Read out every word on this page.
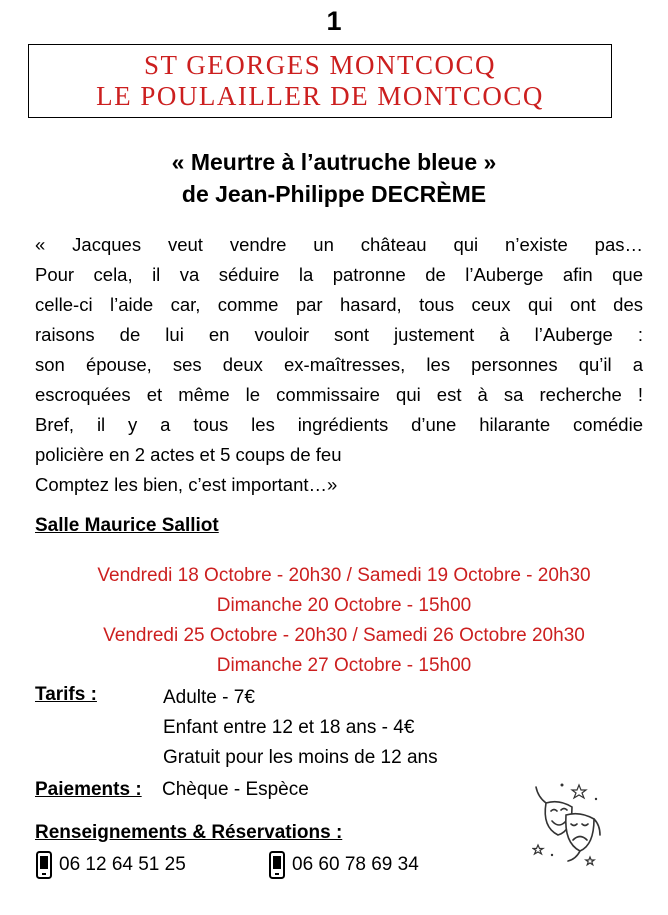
1
ST GEORGES MONTCOCQ
LE POULAILLER DE MONTCOCQ
« Meurtre à l’autruche bleue »
de Jean-Philippe DECRÈME
« Jacques veut vendre un château qui n’existe pas…
Pour cela, il va séduire la patronne de l’Auberge afin que
celle-ci l’aide car, comme par hasard, tous ceux qui ont des
raisons de lui en vouloir sont justement à l’Auberge :
son épouse, ses deux ex-maîtresses, les personnes qu’il a
escroquées et même le commissaire qui est à sa recherche !
Bref, il y a tous les ingrédients d’une hilarante comédie
policière en 2 actes et 5 coups de feu
Comptez les bien, c’est important…»
Salle Maurice Salliot
Vendredi 18 Octobre - 20h30 / Samedi 19 Octobre - 20h30
Dimanche 20 Octobre - 15h00
Vendredi 25 Octobre - 20h30 / Samedi 26 Octobre 20h30
Dimanche 27 Octobre - 15h00
Tarifs :	Adulte - 7€
Enfant entre 12 et 18 ans - 4€
Gratuit pour les moins de 12 ans
Paiements : Chèque - Espèce
Renseignements & Réservations :
06 12 64 51 25	06 60 78 69 34
